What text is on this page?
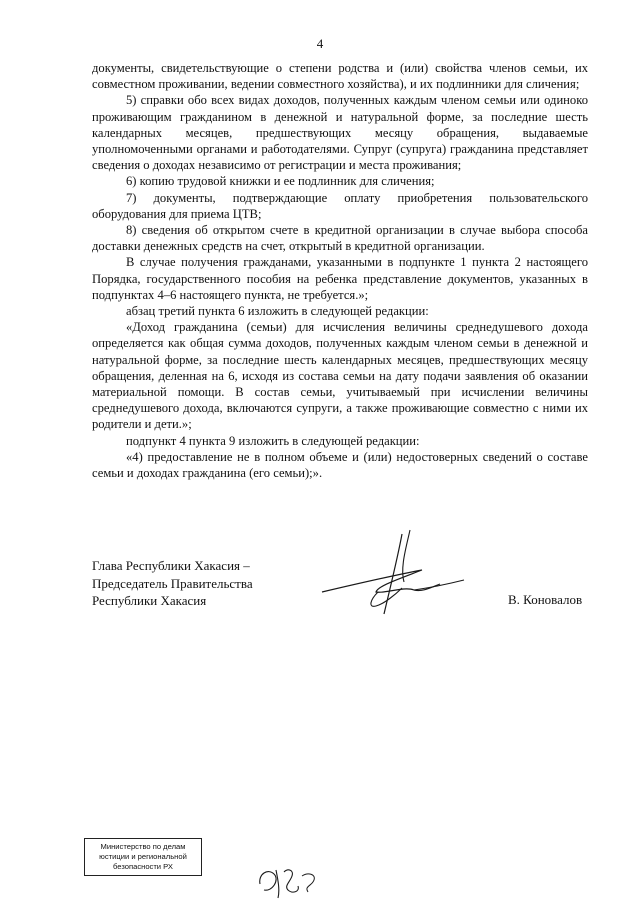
4

документы, свидетельствующие о степени родства и (или) свойства членов семьи, их совместном проживании, ведении совместного хозяйства), и их подлинники для сличения;

5) справки обо всех видах доходов, полученных каждым членом семьи или одиноко проживающим гражданином в денежной и натуральной форме, за последние шесть календарных месяцев, предшествующих месяцу обращения, выдаваемые уполномоченными органами и работодателями. Супруг (супруга) гражданина представляет сведения о доходах независимо от регистрации и места проживания;

6) копию трудовой книжки и ее подлинник для сличения;

7) документы, подтверждающие оплату приобретения пользовательского оборудования для приема ЦТВ;

8) сведения об открытом счете в кредитной организации в случае выбора способа доставки денежных средств на счет, открытый в кредитной организации.

В случае получения гражданами, указанными в подпункте 1 пункта 2 настоящего Порядка, государственного пособия на ребенка представление документов, указанных в подпунктах 4–6 настоящего пункта, не требуется.»;

абзац третий пункта 6 изложить в следующей редакции:

«Доход гражданина (семьи) для исчисления величины среднедушевого дохода определяется как общая сумма доходов, полученных каждым членом семьи в денежной и натуральной форме, за последние шесть календарных месяцев, предшествующих месяцу обращения, деленная на 6, исходя из состава семьи на дату подачи заявления об оказании материальной помощи. В состав семьи, учитываемый при исчислении величины среднедушевого дохода, включаются супруги, а также проживающие совместно с ними их родители и дети.»;

подпункт 4 пункта 9 изложить в следующей редакции:

«4) предоставление не в полном объеме и (или) недостоверных сведений о составе семьи и доходах гражданина (его семьи);».

Глава Республики Хакасия –
Председатель Правительства
Республики Хакасия	В. Коновалов
Министерство по делам
юстиции и региональной
безопасности РХ
